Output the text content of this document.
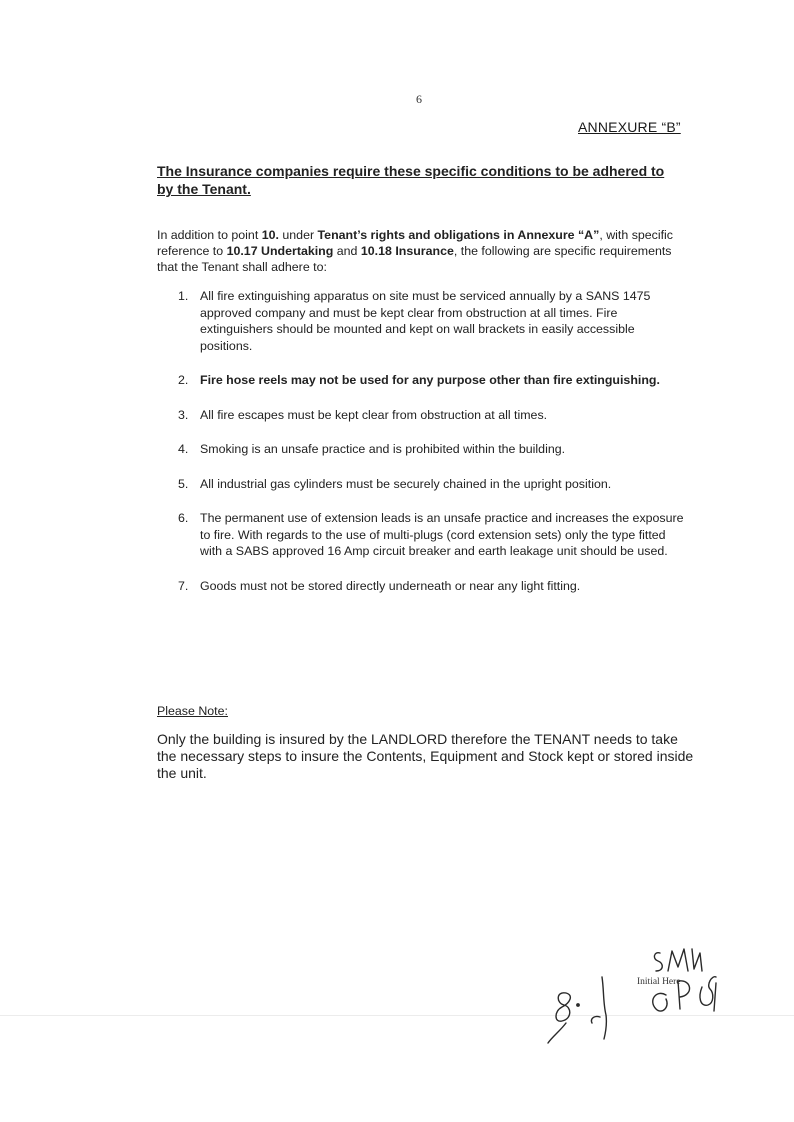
6
ANNEXURE “B”
The Insurance companies require these specific conditions to be adhered to by the Tenant.

In addition to point 10. under Tenant’s rights and obligations in Annexure “A”, with specific reference to 10.17 Undertaking and 10.18 Insurance, the following are specific requirements that the Tenant shall adhere to:

1. All fire extinguishing apparatus on site must be serviced annually by a SANS 1475 approved company and must be kept clear from obstruction at all times. Fire extinguishers should be mounted and kept on wall brackets in easily accessible positions.
2. Fire hose reels may not be used for any purpose other than fire extinguishing.
3. All fire escapes must be kept clear from obstruction at all times.
4. Smoking is an unsafe practice and is prohibited within the building.
5. All industrial gas cylinders must be securely chained in the upright position.
6. The permanent use of extension leads is an unsafe practice and increases the exposure to fire. With regards to the use of multi-plugs (cord extension sets) only the type fitted with a SABS approved 16 Amp circuit breaker and earth leakage unit should be used.
7. Goods must not be stored directly underneath or near any light fitting.
Please Note:
Only the building is insured by the LANDLORD therefore the TENANT needs to take the necessary steps to insure the Contents, Equipment and Stock kept or stored inside the unit.
Initial Here
